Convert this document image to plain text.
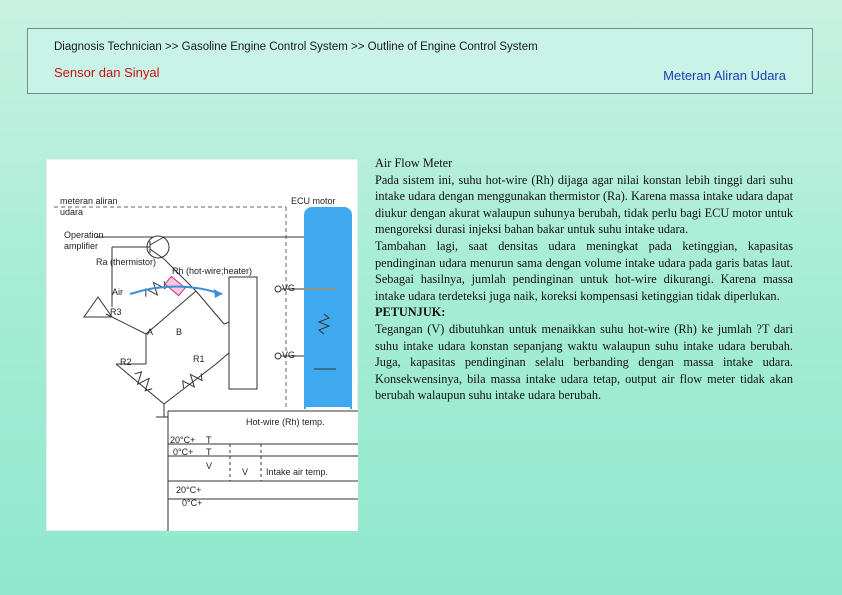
Diagnosis Technician >> Gasoline Engine Control System >> Outline of Engine Control System
Sensor dan Sinyal	Meteran Aliran Udara
meteran aliran
udara
ECU motor
Operation
amplifier
Ra (thermistor)
Rh (hot-wire;heater)
Air
R3
A	B
R2	R1
VG
VG
Hot-wire (Rh) temp.
20°C+ T
0°C+ T
V
V Intake air temp.
20°C+
0°C+

Air Flow Meter

Pada sistem ini, suhu hot-wire (Rh) dijaga agar nilai konstan lebih tinggi dari suhu intake udara dengan menggunakan thermistor (Ra). Karena massa intake udara dapat diukur dengan akurat walaupun suhunya berubah, tidak perlu bagi ECU motor untuk mengoreksi durasi injeksi bahan bakar untuk suhu intake udara.

Tambahan lagi, saat densitas udara meningkat pada ketinggian, kapasitas pendinginan udara menurun sama dengan volume intake udara pada garis batas laut. Sebagai hasilnya, jumlah pendinginan untuk hot-wire dikurangi. Karena massa intake udara terdeteksi juga naik, koreksi kompensasi ketinggian tidak diperlukan.

PETUNJUK:

Tegangan (V) dibutuhkan untuk menaikkan suhu hot-wire (Rh) ke jumlah ?T dari suhu intake udara konstan sepanjang waktu walaupun suhu intake udara berubah. Juga, kapasitas pendinginan selalu berbanding dengan massa intake udara. Konsekwensinya, bila massa intake udara tetap, output air flow meter tidak akan berubah walaupun suhu intake udara berubah.
